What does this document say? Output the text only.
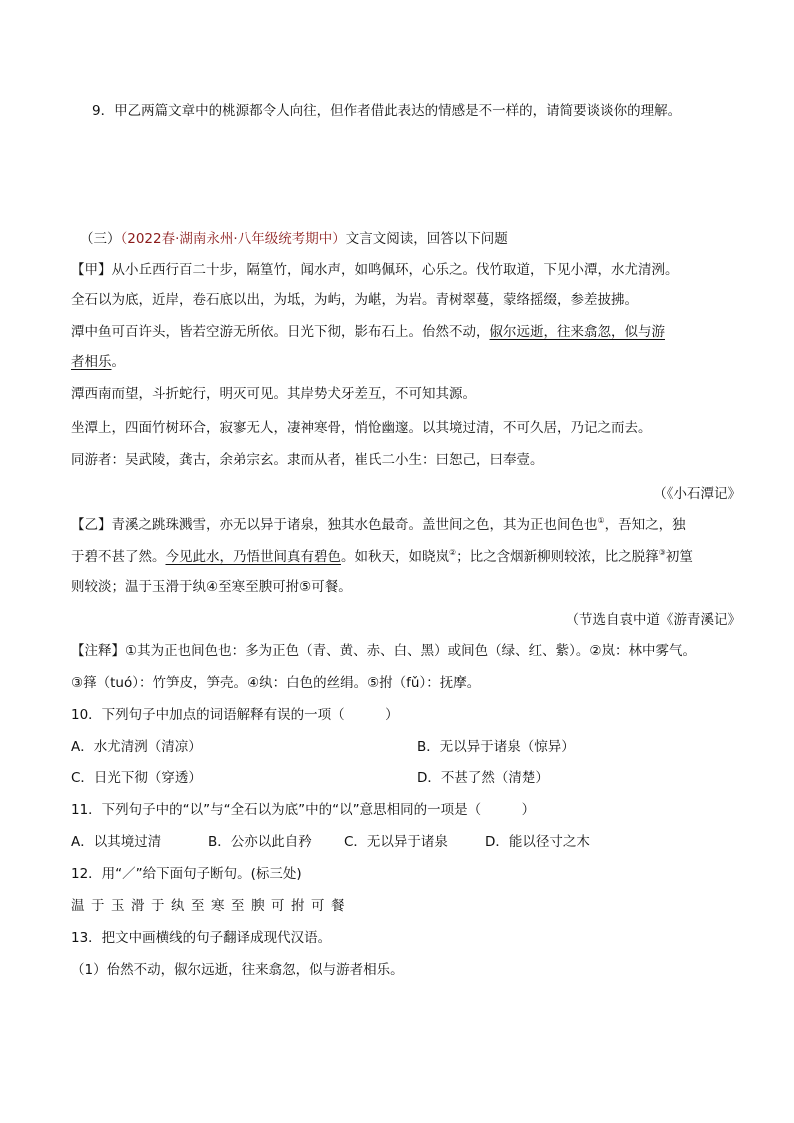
9．甲乙两篇文章中的桃源都令人向往，但作者借此表达的情感是不一样的，请简要谈谈你的理解。
（三）（2022春·湖南永州·八年级统考期中）文言文阅读，回答以下问题
【甲】从小丘西行百二十步，隔篁竹，闻水声，如鸣佩环，心乐之。伐竹取道，下见小潭，水尤清洌。
全石以为底，近岸，卷石底以出，为坻，为屿，为嵁，为岩。青树翠蔓，蒙络摇缀，参差披拂。
潭中鱼可百许头，皆若空游无所依。日光下彻，影布石上。佁然不动，俶尔远逝，往来翕忽，似与游
者相乐。
潭西南而望，斗折蛇行，明灭可见。其岸势犬牙差互，不可知其源。
坐潭上，四面竹树环合，寂寥无人，凄神寒骨，悄怆幽邃。以其境过清，不可久居，乃记之而去。
同游者：吴武陵，龚古，余弟宗玄。隶而从者，崔氏二小生：曰恕己，曰奉壹。
（《小石潭记》
【乙】青溪之跳珠溅雪，亦无以异于诸泉，独其水色最奇。盖世间之色，其为正也间色也①，吾知之，独
于碧不甚了然。今见此水，乃悟世间真有碧色。如秋天，如晓岚②；比之含烟新柳则较浓，比之脱箨③初篁
则较淡；温于玉滑于纨④至寒至腴可拊⑤可餐。
（节选自袁中道《游青溪记》
【注释】①其为正也间色也：多为正色（青、黄、赤、白、黑）或间色（绿、红、紫）。②岚：林中雾气。
③箨（tuó）：竹笋皮，笋壳。④纨：白色的丝绢。⑤拊（fǔ）：抚摩。
10．下列句子中加点的词语解释有误的一项（　　　）
A．水尤清洌（清凉）	B．无以异于诸泉（惊异）
C．日光下彻（穿透）	D．不甚了然（清楚）
11．下列句子中的“以”与“全石以为底”中的“以”意思相同的一项是（　　　）
A．以其境过清	B．公亦以此自矜 C．无以异于诸泉	D．能以径寸之木
12．用“／”给下面句子断句。(标三处)
温于玉滑于纨至寒至腴可拊可餐
13．把文中画横线的句子翻译成现代汉语。
（1）佁然不动，俶尔远逝，往来翕忽，似与游者相乐。
